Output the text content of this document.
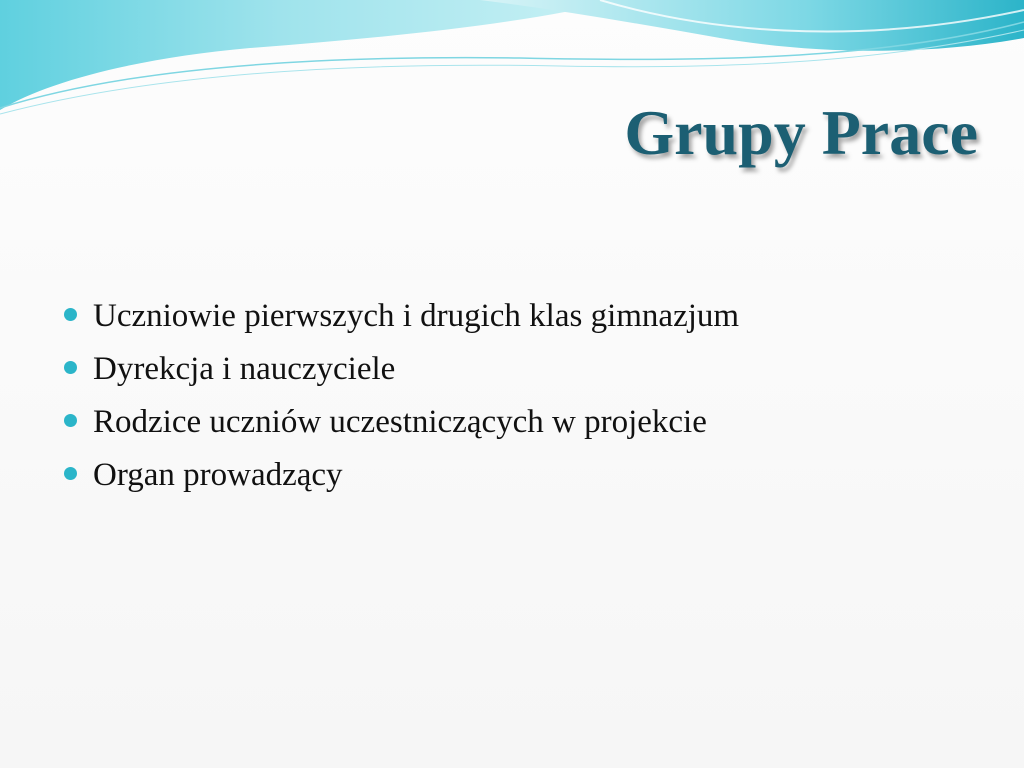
Grupy Prace
Uczniowie pierwszych i drugich klas gimnazjum
Dyrekcja i nauczyciele
Rodzice uczniów uczestniczących w projekcie
Organ prowadzący
